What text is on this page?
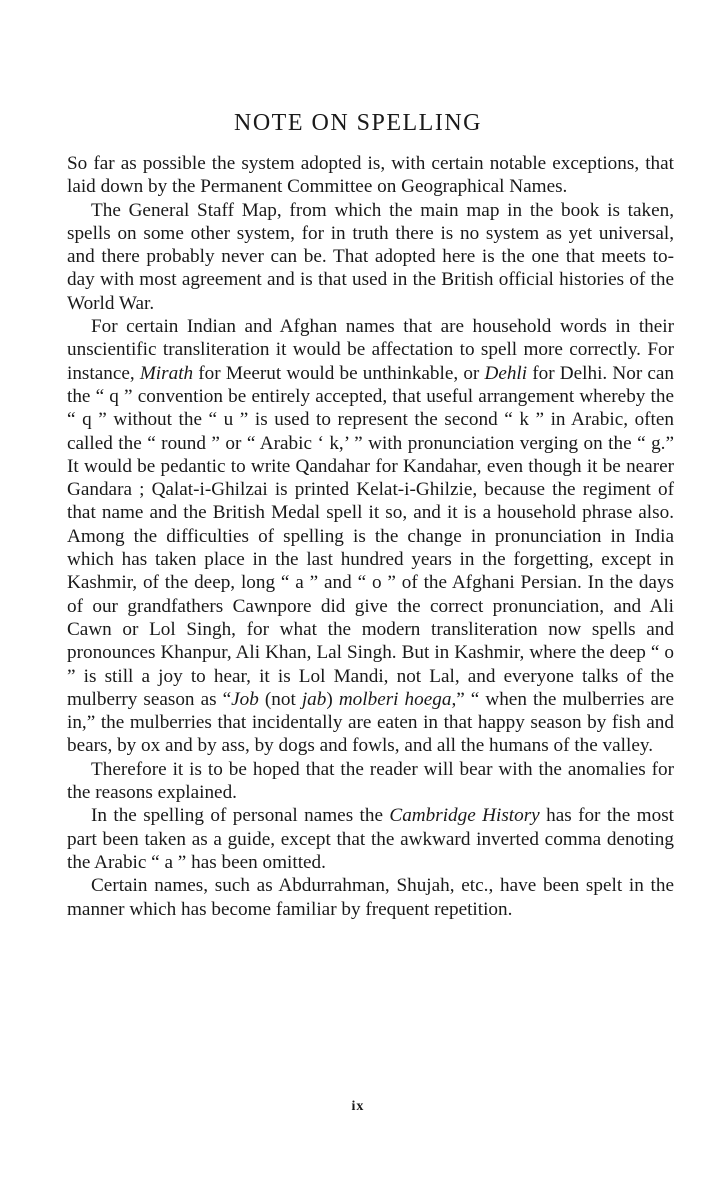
NOTE ON SPELLING

So far as possible the system adopted is, with certain notable exceptions, that laid down by the Permanent Committee on Geographical Names.

The General Staff Map, from which the main map in the book is taken, spells on some other system, for in truth there is no system as yet universal, and there probably never can be. That adopted here is the one that meets to-day with most agreement and is that used in the British official histories of the World War.

For certain Indian and Afghan names that are household words in their unscientific transliteration it would be affectation to spell more correctly. For instance, Mirath for Meerut would be unthinkable, or Dehli for Delhi. Nor can the “ q ” convention be entirely accepted, that useful arrangement whereby the “ q ” without the “ u ” is used to represent the second “ k ” in Arabic, often called the “ round ” or “ Arabic ‘ k,’ ” with pronunciation verging on the “ g.” It would be pedantic to write Qandahar for Kandahar, even though it be nearer Gandara ; Qalat-i-Ghilzai is printed Kelat-i-Ghilzie, because the regiment of that name and the British Medal spell it so, and it is a household phrase also. Among the difficulties of spelling is the change in pronunciation in India which has taken place in the last hundred years in the forgetting, except in Kashmir, of the deep, long “ a ” and “ o ” of the Afghani Persian. In the days of our grandfathers Cawnpore did give the correct pronunciation, and Ali Cawn or Lol Singh, for what the modern transliteration now spells and pronounces Khanpur, Ali Khan, Lal Singh. But in Kashmir, where the deep “ o ” is still a joy to hear, it is Lol Mandi, not Lal, and everyone talks of the mulberry season as “Job (not jab) molberi hoega,” “ when the mulberries are in,” the mulberries that incidentally are eaten in that happy season by fish and bears, by ox and by ass, by dogs and fowls, and all the humans of the valley.

Therefore it is to be hoped that the reader will bear with the anomalies for the reasons explained.

In the spelling of personal names the Cambridge History has for the most part been taken as a guide, except that the awkward inverted comma denoting the Arabic “ a ” has been omitted.

Certain names, such as Abdurrahman, Shujah, etc., have been spelt in the manner which has become familiar by frequent repetition.

ix
